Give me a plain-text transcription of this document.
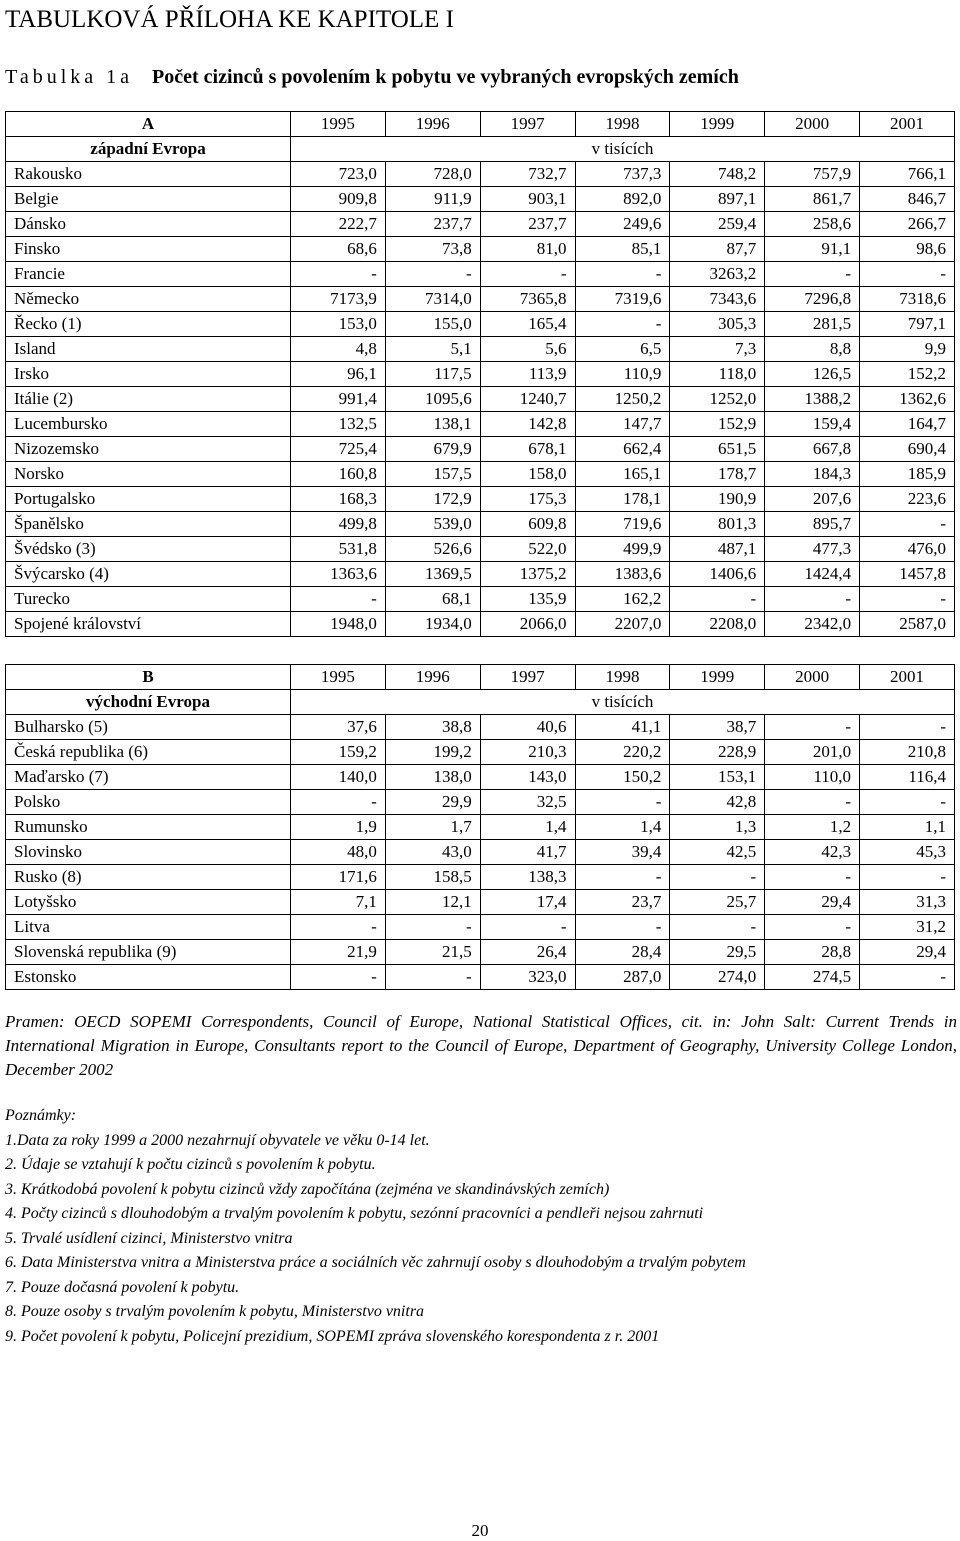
TABULKOVÁ PŘÍLOHA KE KAPITOLE I
Tabulka 1a Počet cizinců s povolením k pobytu ve vybraných evropských zemích
A	1995	1996	1997	1998	1999	2000	2001
západní Evropa	v tisících						
Rakousko	723,0	728,0	732,7	737,3	748,2	757,9	766,1
Belgie	909,8	911,9	903,1	892,0	897,1	861,7	846,7
Dánsko	222,7	237,7	237,7	249,6	259,4	258,6	266,7
Finsko	68,6	73,8	81,0	85,1	87,7	91,1	98,6
Francie	-	-	-	-	3263,2	-	-
Německo	7173,9	7314,0	7365,8	7319,6	7343,6	7296,8	7318,6
Řecko (1)	153,0	155,0	165,4	-	305,3	281,5	797,1
Island	4,8	5,1	5,6	6,5	7,3	8,8	9,9
Irsko	96,1	117,5	113,9	110,9	118,0	126,5	152,2
Itálie (2)	991,4	1095,6	1240,7	1250,2	1252,0	1388,2	1362,6
Lucembursko	132,5	138,1	142,8	147,7	152,9	159,4	164,7
Nizozemsko	725,4	679,9	678,1	662,4	651,5	667,8	690,4
Norsko	160,8	157,5	158,0	165,1	178,7	184,3	185,9
Portugalsko	168,3	172,9	175,3	178,1	190,9	207,6	223,6
Španělsko	499,8	539,0	609,8	719,6	801,3	895,7	-
Švédsko (3)	531,8	526,6	522,0	499,9	487,1	477,3	476,0
Švýcarsko (4)	1363,6	1369,5	1375,2	1383,6	1406,6	1424,4	1457,8
Turecko	-	68,1	135,9	162,2	-	-	-
Spojené království	1948,0	1934,0	2066,0	2207,0	2208,0	2342,0	2587,0
B	1995	1996	1997	1998	1999	2000	2001
východní Evropa	v tisících						
Bulharsko (5)	37,6	38,8	40,6	41,1	38,7	-	-
Česká republika (6)	159,2	199,2	210,3	220,2	228,9	201,0	210,8
Maďarsko (7)	140,0	138,0	143,0	150,2	153,1	110,0	116,4
Polsko	-	29,9	32,5	-	42,8	-	-
Rumunsko	1,9	1,7	1,4	1,4	1,3	1,2	1,1
Slovinsko	48,0	43,0	41,7	39,4	42,5	42,3	45,3
Rusko (8)	171,6	158,5	138,3	-	-	-	-
Lotyšsko	7,1	12,1	17,4	23,7	25,7	29,4	31,3
Litva	-	-	-	-	-	-	31,2
Slovenská republika (9)	21,9	21,5	26,4	28,4	29,5	28,8	29,4
Estonsko	-	-	323,0	287,0	274,0	274,5	-
Pramen: OECD SOPEMI Correspondents, Council of Europe, National Statistical Offices, cit. in: John Salt: Current Trends in International Migration in Europe, Consultants report to the Council of Europe, Department of Geography, University College London, December 2002
Poznámky:
1.Data za roky 1999 a 2000 nezahrnují obyvatele ve věku 0-14 let.
2. Údaje se vztahují k počtu cizinců s povolením k pobytu.
3. Krátkodobá povolení k pobytu cizinců vždy započítána (zejména ve skandinávských zemích)
4. Počty cizinců s dlouhodobým a trvalým povolením k pobytu, sezónní pracovníci a pendleři nejsou zahrnuti
5. Trvalé usídlení cizinci, Ministerstvo vnitra
6. Data Ministerstva vnitra a Ministerstva práce a sociálních věc zahrnují osoby s dlouhodobým a trvalým pobytem
7. Pouze dočasná povolení k pobytu.
8. Pouze osoby s trvalým povolením k pobytu, Ministerstvo vnitra
9. Počet povolení k pobytu, Policejní prezidium, SOPEMI zpráva slovenského korespondenta z r. 2001
20
